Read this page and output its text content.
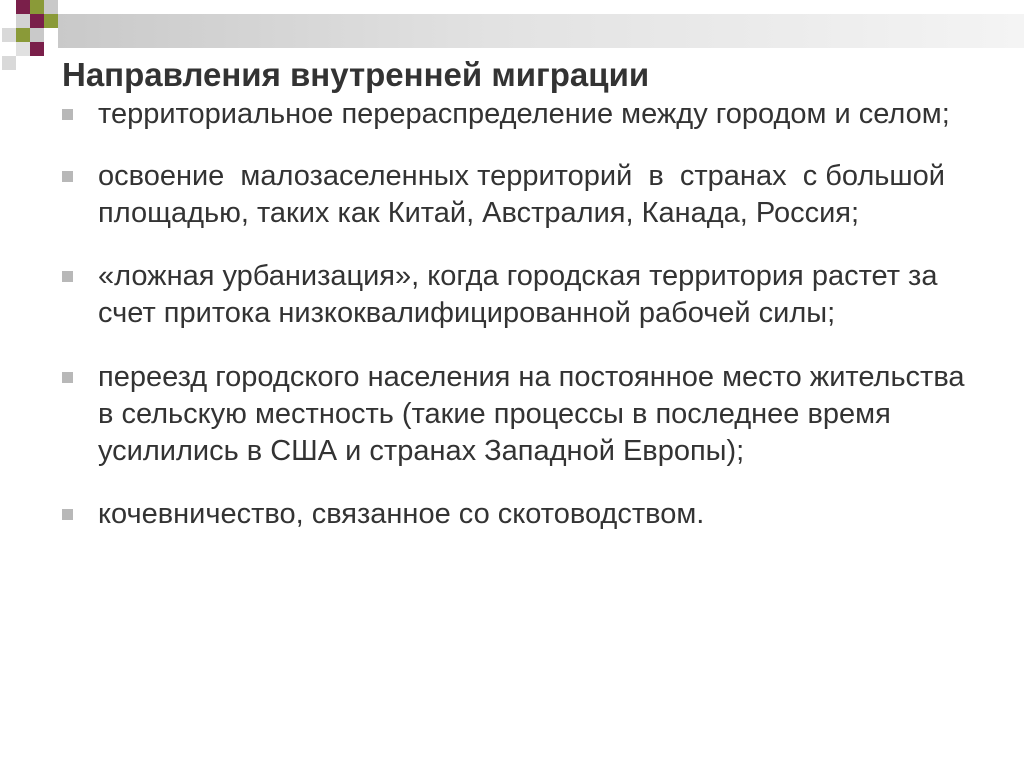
Направления внутренней миграции
территориальное перераспределение между городом и селом;
освоение  малозаселенных территорий  в  странах  с большой площадью, таких как Китай, Австралия, Канада, Россия;
«ложная урбанизация», когда городская территория растет за счет притока низкоквалифицированной рабочей силы;
переезд городского населения на постоянное место жительства в сельскую местность (такие процессы в последнее время усилились в США и странах Западной Европы);
кочевничество, связанное со скотоводством.
